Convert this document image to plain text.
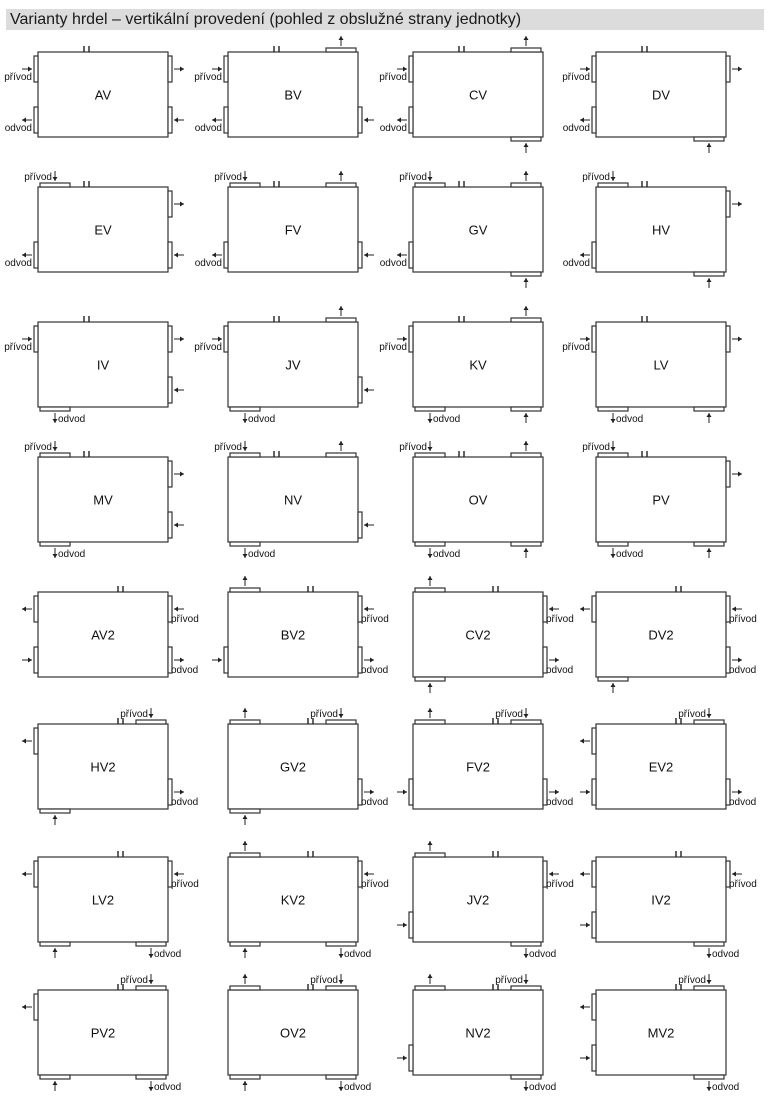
Varianty hrdel – vertikální provedení (pohled z obslužné strany jednotky)
AV
přívod
odvod
BV
přívod
odvod
CV
přívod
odvod
DV
přívod
odvod
EV
přívod
odvod
FV
přívod
odvod
GV
přívod
odvod
HV
přívod
odvod
IV
přívod
odvod
JV
přívod
odvod
KV
přívod
odvod
LV
přívod
odvod
MV
přívod
odvod
NV
přívod
odvod
OV
přívod
odvod
PV
přívod
odvod
AV2
přívod
odvod
BV2
přívod
odvod
CV2
přívod
odvod
DV2
přívod
odvod
HV2
přívod
odvod
GV2
přívod
odvod
FV2
přívod
odvod
EV2
přívod
odvod
LV2
přívod
odvod
KV2
přívod
odvod
JV2
přívod
odvod
IV2
přívod
odvod
PV2
přívod
odvod
OV2
přívod
odvod
NV2
přívod
odvod
MV2
přívod
odvod
